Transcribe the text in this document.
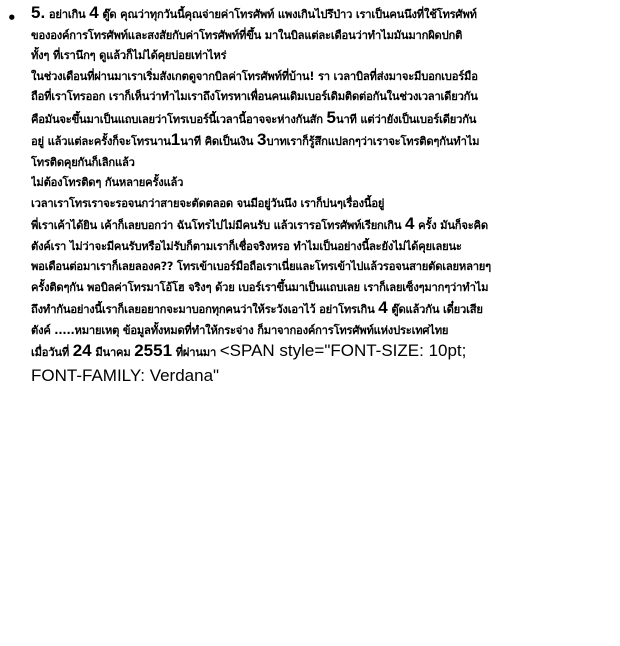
• 5. อย่าเกิน 4 ตู๊ด คุณว่าทุกวันนี้คุณจ่ายค่าโทรศัพท์ แพงเกินไปรึป่าว เราเป็นคนนึงที่ใช้โทรศัพท์
ขององค์การโทรศัพท์และสงสัยกับค่าโทรศัพท์ที่ขึ้น มาในบิลแต่ละเดือนว่าทำไมมันมากผิดปกติ
ทั้งๆ ที่เรานึกๆ ดูแล้วก็ไม่ได้คุยบ่อยเท่าไหร่
ในช่วงเดือนที่ผ่านมาเราเริ่มสังเกตดูจากบิลค่าโทรศัพท์ที่บ้าน! รา เวลาบิลที่ส่งมาจะมีบอกเบอร์มือ
ถือที่เราโทรออก เราก็เห็นว่าทำไมเราถึงโทรหาเพื่อนคนเดิมเบอร์เดิมติดต่อกันในช่วงเวลาเดียวกัน
คือมันจะขึ้นมาเป็นแถบเลยว่าโทรเบอร์นี้เวลานี้อาจจะห่างกันสัก 5นาที แต่ว่ายังเป็นเบอร์เดียวกัน
อยู่ แล้วแต่ละครั้งก็จะโทรนาน1นาที คิดเป็นเงิน 3บาทเราก็รู้สึกแปลกๆว่าเราจะโทรติดๆกันทำไม
โทรติดคุยกันก็เลิกแล้ว
ไม่ต้องโทรติดๆ กันหลายครั้งแล้ว
เวลาเราโทรเราจะรอจนกว่าสายจะตัดตลอด จนมีอยู่วันนึง เราก็บ่นๆเรื่องนี้อยู่
พี่เราเค้าได้ยิน เค้าก็เลยบอกว่า ฉันโทรไปไม่มีคนรับ แล้วเรารอโทรศัพท์เรียกเกิน 4 ครั้ง มันก็จะคิด
ตังค์เรา ไม่ว่าจะมีคนรับหรือไม่รับก็ตามเราก็เชื่อจริงหรอ ทำไมเป็นอย่างนี้ละยังไม่ได้คุยเลยนะ
พอเดือนต่อมาเราก็เลยลองค?? โทรเข้าเบอร์มือถือเราเนี่ยและโทรเข้าไปแล้วรอจนสายตัดเลยหลายๆ
ครั้งติดๆกัน พอบิลค่าโทรมาโอ้โฮ จริงๆ ด้วย เบอร์เราขึ้นมาเป็นแถบเลย เราก็เลยเซ็งๆมากๆว่าทำไม
ถึงทำกันอย่างนี้เราก็เลยอยากจะมาบอกทุกคนว่าให้ระวังเอาไว้ อย่าโทรเกิน 4 ตู๊ดแล้วกัน เดี๋ยวเสีย
ตังค์ .....หมายเหตุ ข้อมูลทั้งหมดที่ทำให้กระจ่าง ก็มาจากองค์การโทรศัพท์แห่งประเทศไทย
เมื่อวันที่ 24 มีนาคม 2551 ที่ผ่านมา <SPAN style="FONT-SIZE: 10pt;
FONT-FAMILY: Verdana"
